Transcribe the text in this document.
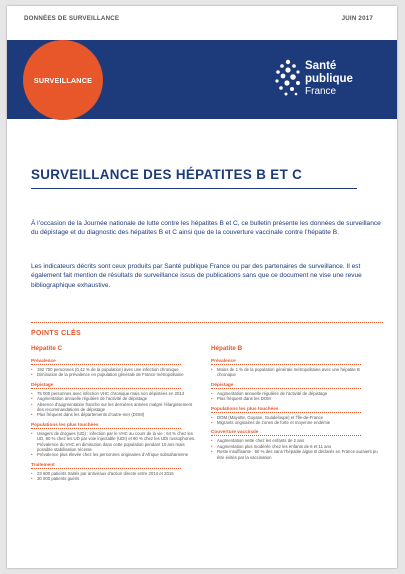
DONNÉES DE SURVEILLANCE	JUIN 2017
SURVEILLANCE
Santé
publique
France
SURVEILLANCE DES HÉPATITES B ET C

À l’occasion de la Journée nationale de lutte contre les hépatites B et C, ce bulletin présente les données de surveillance du dépistage et du diagnostic des hépatites B et C ainsi que de la couverture vaccinale contre l’hépatite B.

Les indicateurs décrits sont ceux produits par Santé publique France ou par des partenaires de surveillance. Il est également fait mention de résultats de surveillance issus de publications sans que ce document ne vise une revue bibliographique exhaustive.

POINTS CLÉS
Hépatite C
Prévalence
• 192 700 personnes (0,42 % de la population) avec une infection chronique
• Diminution de la prévalence en population générale de France métropolitaine
Dépistage
• 75 000 personnes avec infection VHC chronique mais non dépistées en 2014
• Augmentation annuelle régulière de l’activité de dépistage
• Absence d’augmentation franche sur les dernières années malgré l’élargissement des recommandations de dépistage
• Plus fréquent dans les départements d’outre-mer (DOM)
Populations les plus touchées
• Usagers de drogues (UD) : infection par le VHC au cours de la vie : 64 % chez les UD, 80 % chez les UD par voie injectable (UDI) et 90 % chez les UDI russophones. Prévalence du VHC en diminution dans cette population pendant 10 ans mais possible stabilisation récente
• Prévalence plus élevée chez les personnes originaires d’Afrique subsaharienne
Traitement
• 23 600 patients traités par antiviraux d’action directe entre 2014 et 2016
• 30 000 patients guéris
Hépatite B
Prévalence
• Moins de 1 % de la population générale métropolitaine avec une hépatite B chronique
Dépistage
• Augmentation annuelle régulière de l’activité de dépistage
• Plus fréquent dans les DOM
Populations les plus touchées
• DOM (Mayotte, Guyane, Guadeloupe) et l’Île-de-France
• Migrants originaires de zones de forte et moyenne endémie
Couverture vaccinale
• Augmentation nette chez les enfants de 2 ans
• Augmentation plus modérée chez les enfants de 6 et 11 ans
• Reste insuffisante : 60 % des sans l’hépatite aigüe B déclarés en France auraient pu être évités par la vaccination
